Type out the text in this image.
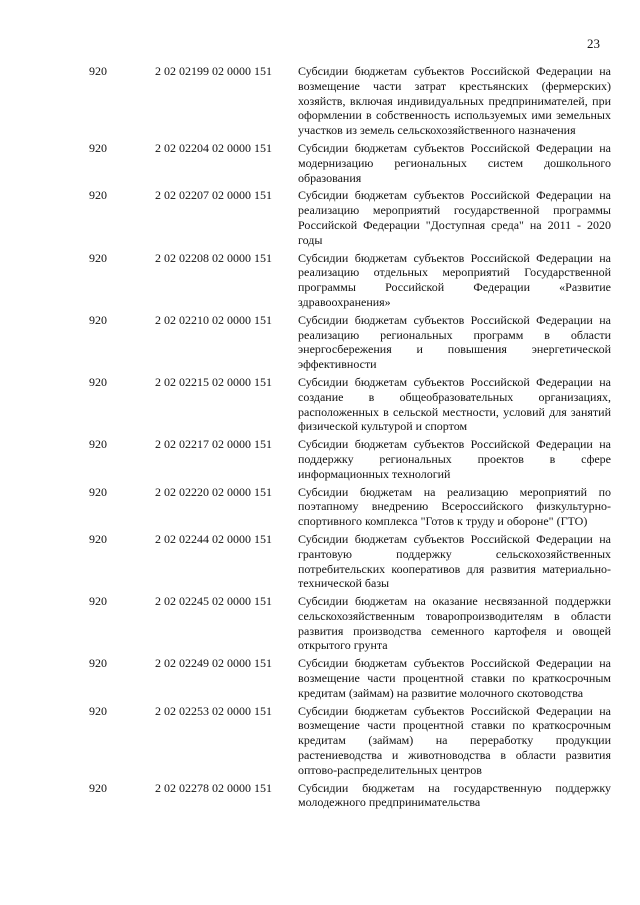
23
920	2 02 02199 02 0000 151 Субсидии бюджетам субъектов Российской Федерации на возмещение части затрат крестьянских (фермерских) хозяйств, включая индивидуальных предпринимателей, при оформлении в собственность используемых ими земельных участков из земель сельскохозяйственного назначения
920	2 02 02204 02 0000 151 Субсидии бюджетам субъектов Российской Федерации на модернизацию региональных систем дошкольного образования
920	2 02 02207 02 0000 151 Субсидии бюджетам субъектов Российской Федерации на реализацию мероприятий государственной программы Российской Федерации "Доступная среда" на 2011 - 2020 годы
920	2 02 02208 02 0000 151 Субсидии бюджетам субъектов Российской Федерации на реализацию отдельных мероприятий Государственной программы Российской Федерации «Развитие здравоохранения»
920	2 02 02210 02 0000 151 Субсидии бюджетам субъектов Российской Федерации на реализацию региональных программ в области энергосбережения и повышения энергетической эффективности
920	2 02 02215 02 0000 151 Субсидии бюджетам субъектов Российской Федерации на создание в общеобразовательных организациях, расположенных в сельской местности, условий для занятий физической культурой и спортом
920	2 02 02217 02 0000 151 Субсидии бюджетам субъектов Российской Федерации на поддержку региональных проектов в сфере информационных технологий
920	2 02 02220 02 0000 151 Субсидии бюджетам на реализацию мероприятий по поэтапному внедрению Всероссийского физкультурно-спортивного комплекса "Готов к труду и обороне" (ГТО)
920	2 02 02244 02 0000 151 Субсидии бюджетам субъектов Российской Федерации на грантовую поддержку сельскохозяйственных потребительских кооперативов для развития материально-технической базы
920	2 02 02245 02 0000 151 Субсидии бюджетам на оказание несвязанной поддержки сельскохозяйственным товаропроизводителям в области развития производства семенного картофеля и овощей открытого грунта
920	2 02 02249 02 0000 151 Субсидии бюджетам субъектов Российской Федерации на возмещение части процентной ставки по краткосрочным кредитам (займам) на развитие молочного скотоводства
920	2 02 02253 02 0000 151 Субсидии бюджетам субъектов Российской Федерации на возмещение части процентной ставки по краткосрочным кредитам (займам) на переработку продукции растениеводства и животноводства в области развития оптово-распределительных центров
920	2 02 02278 02 0000 151 Субсидии бюджетам на государственную поддержку молодежного предпринимательства
